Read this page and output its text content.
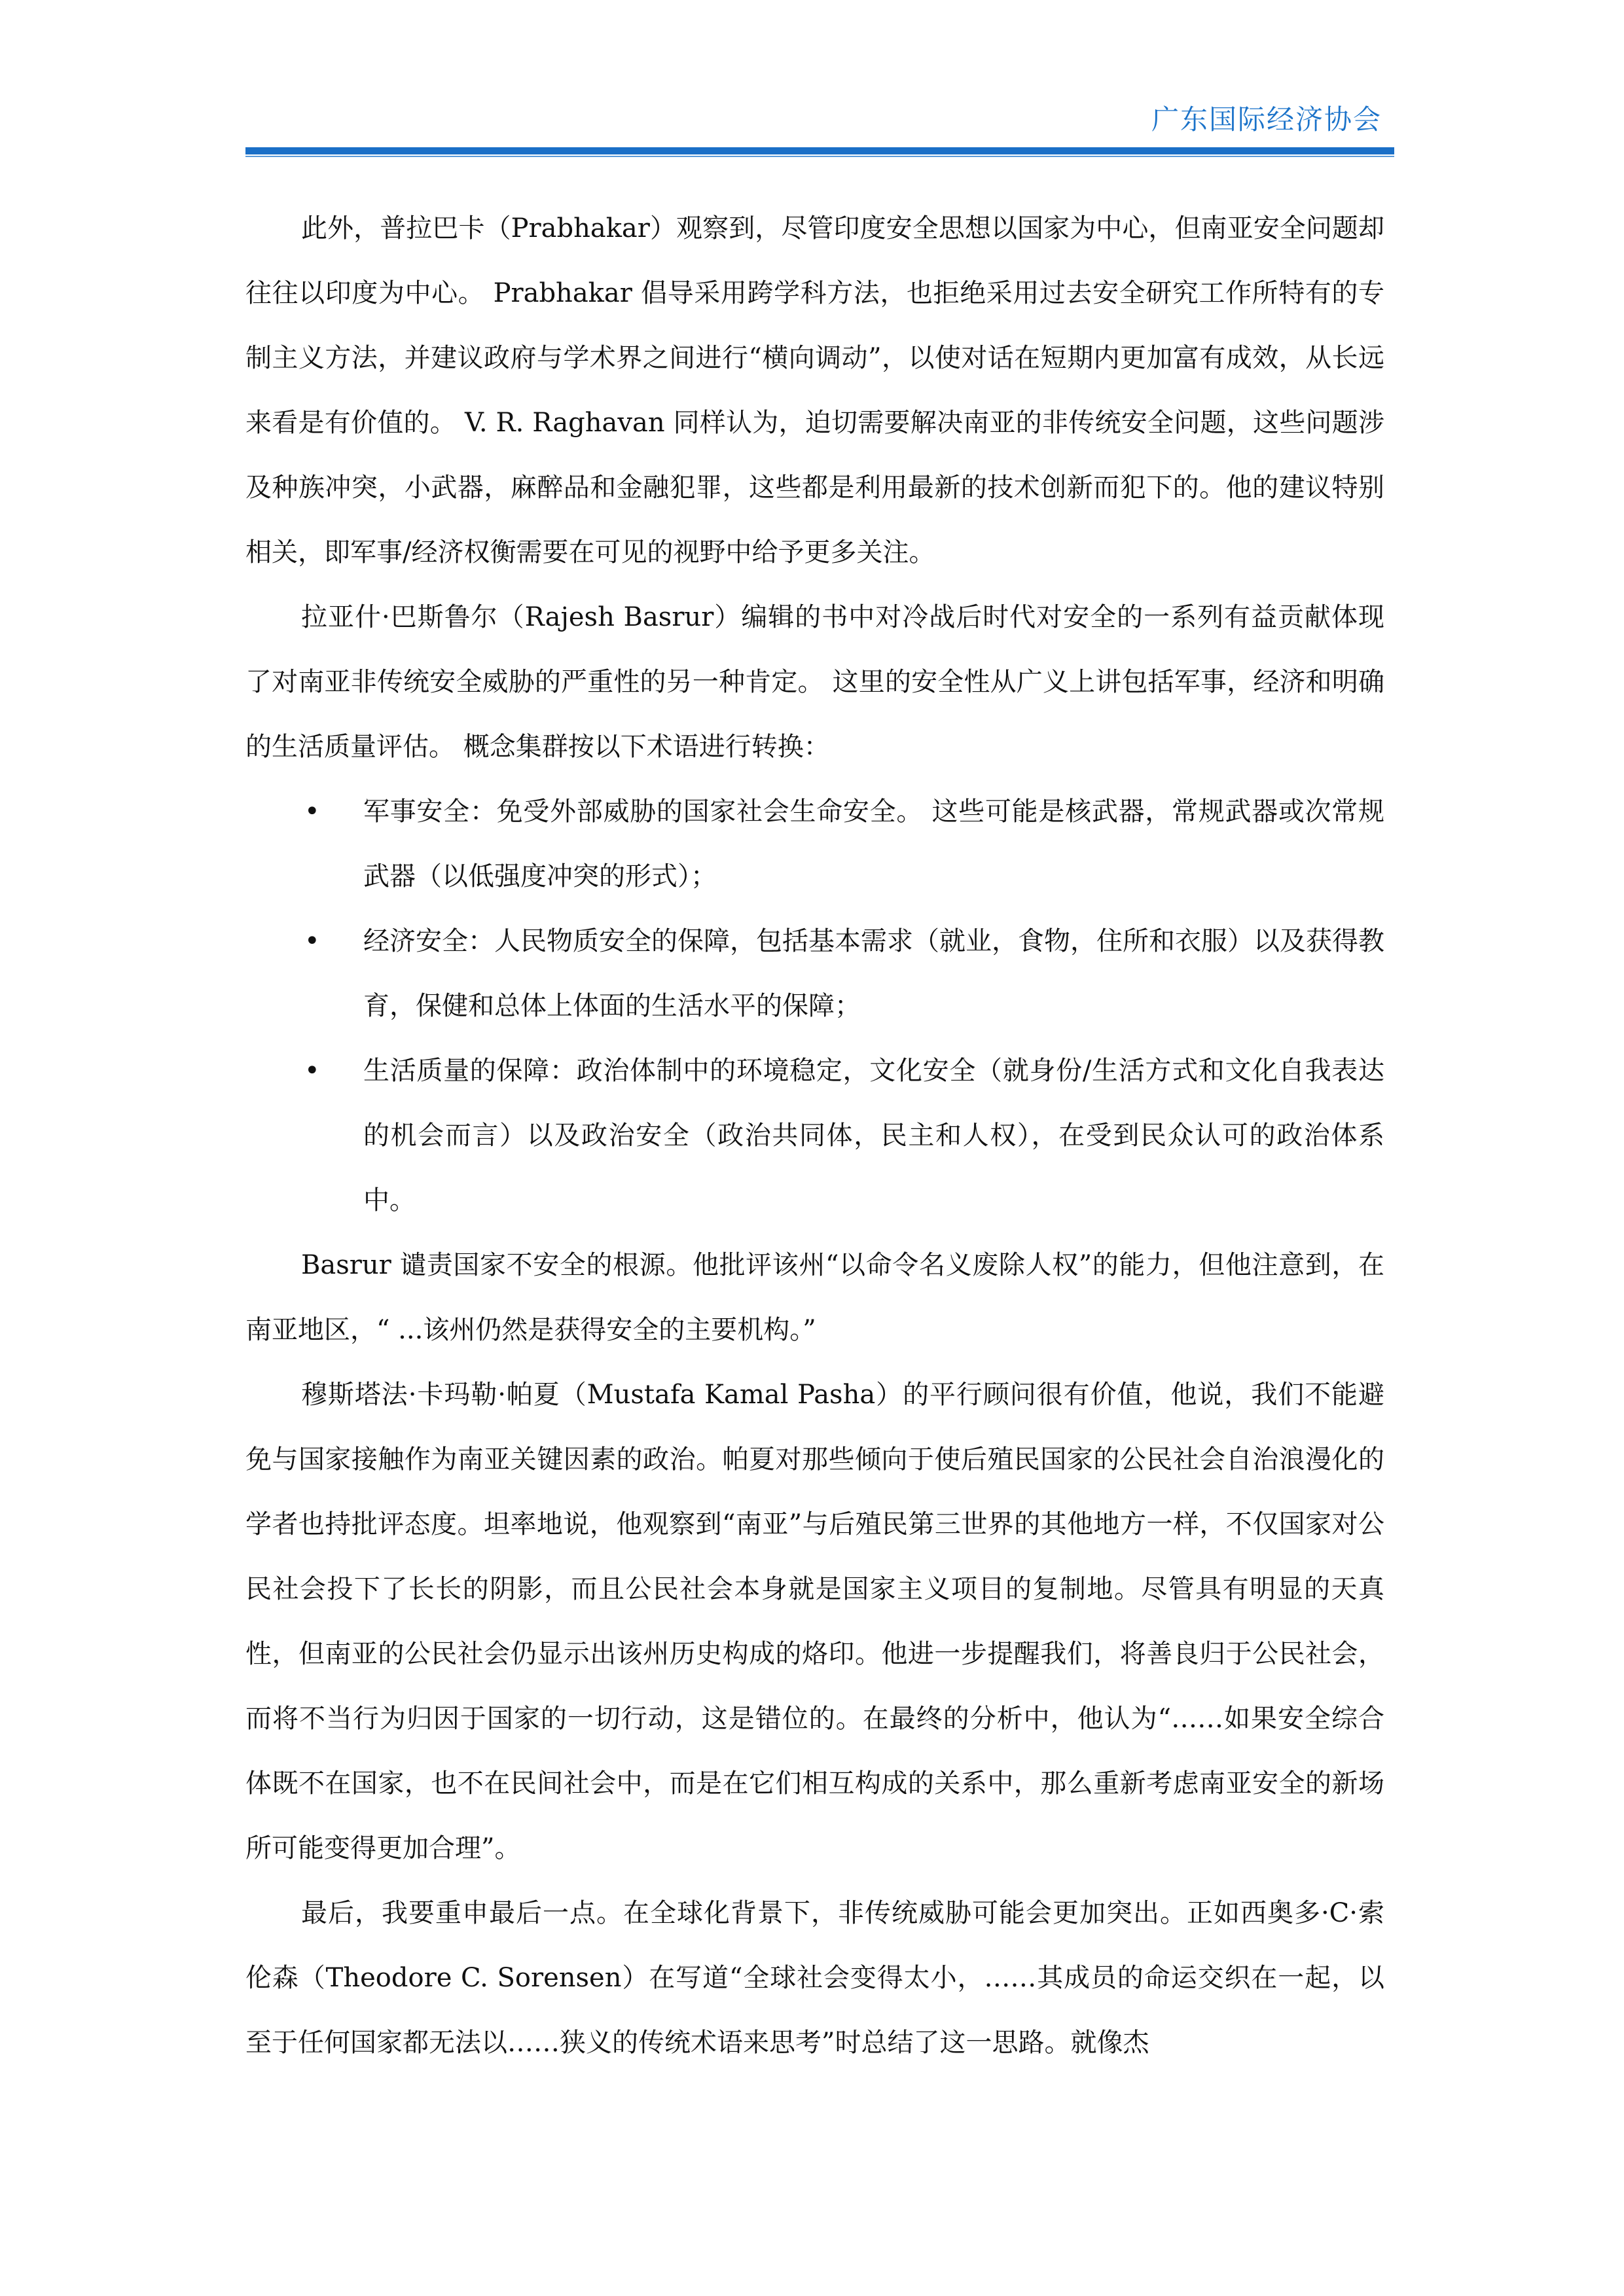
广东国际经济协会

此外，普拉巴卡（Prabhakar）观察到，尽管印度安全思想以国家为中心，但南亚安全问题却往往以印度为中心。 Prabhakar 倡导采用跨学科方法，也拒绝采用过去安全研究工作所特有的专制主义方法，并建议政府与学术界之间进行“横向调动”，以使对话在短期内更加富有成效，从长远来看是有价值的。 V. R. Raghavan 同样认为，迫切需要解决南亚的非传统安全问题，这些问题涉及种族冲突，小武器，麻醉品和金融犯罪，这些都是利用最新的技术创新而犯下的。他的建议特别相关，即军事/经济权衡需要在可见的视野中给予更多关注。

拉亚什·巴斯鲁尔（Rajesh Basrur）编辑的书中对冷战后时代对安全的一系列有益贡献体现了对南亚非传统安全威胁的严重性的另一种肯定。 这里的安全性从广义上讲包括军事，经济和明确的生活质量评估。 概念集群按以下术语进行转换：

• 军事安全：免受外部威胁的国家社会生命安全。 这些可能是核武器，常规武器或次常规武器（以低强度冲突的形式）；
• 经济安全：人民物质安全的保障，包括基本需求（就业，食物，住所和衣服）以及获得教育，保健和总体上体面的生活水平的保障；
• 生活质量的保障：政治体制中的环境稳定，文化安全（就身份/生活方式和文化自我表达的机会而言）以及政治安全（政治共同体，民主和人权），在受到民众认可的政治体系中。

Basrur 谴责国家不安全的根源。他批评该州“以命令名义废除人权”的能力，但他注意到，在南亚地区，“ ...该州仍然是获得安全的主要机构。”

穆斯塔法·卡玛勒·帕夏（Mustafa Kamal Pasha）的平行顾问很有价值，他说，我们不能避免与国家接触作为南亚关键因素的政治。帕夏对那些倾向于使后殖民国家的公民社会自治浪漫化的学者也持批评态度。坦率地说，他观察到“南亚”与后殖民第三世界的其他地方一样，不仅国家对公民社会投下了长长的阴影，而且公民社会本身就是国家主义项目的复制地。尽管具有明显的天真性，但南亚的公民社会仍显示出该州历史构成的烙印。他进一步提醒我们，将善良归于公民社会，而将不当行为归因于国家的一切行动，这是错位的。在最终的分析中，他认为“……如果安全综合体既不在国家，也不在民间社会中，而是在它们相互构成的关系中，那么重新考虑南亚安全的新场所可能变得更加合理”。

最后，我要重申最后一点。在全球化背景下，非传统威胁可能会更加突出。正如西奥多·C·索伦森（Theodore C. Sorensen）在写道“全球社会变得太小，……其成员的命运交织在一起，以至于任何国家都无法以……狭义的传统术语来思考”时总结了这一思路。就像杰
